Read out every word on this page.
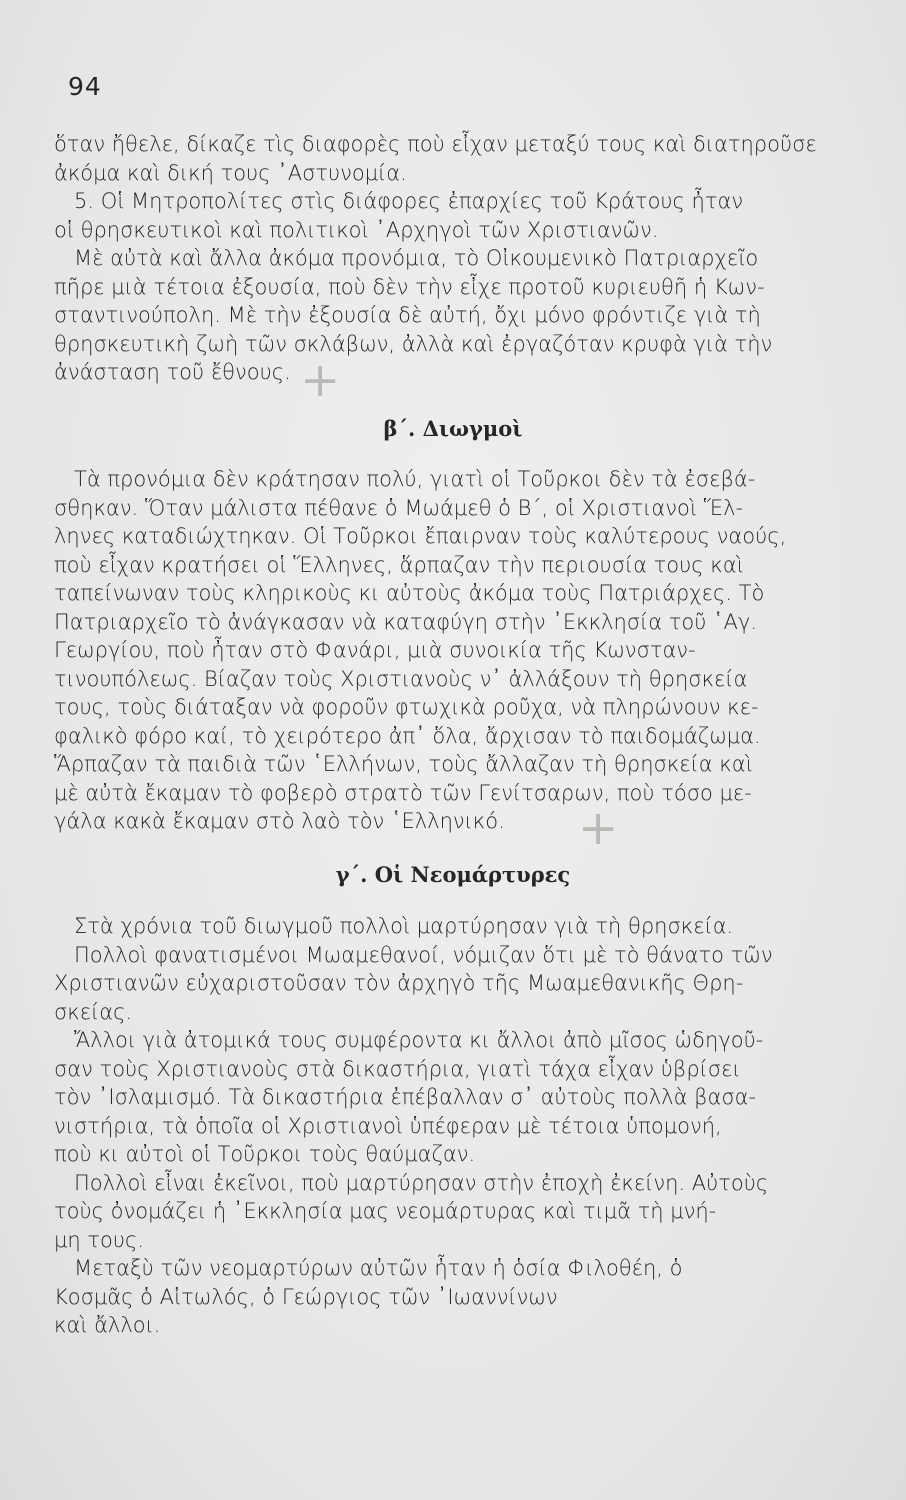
94

ὅταν ἤθελε, δίκαζε τὶς διαφορὲς ποὺ εἶχαν μεταξύ τους καὶ διατηροῦσε

ἀκόμα καὶ δική τους ᾿Αστυνομία.

5. Οἱ Μητροπολίτες στὶς διάφορες ἐπαρχίες τοῦ Κράτους ἦταν

οἱ θρησκευτικοὶ καὶ πολιτικοὶ ᾿Αρχηγοὶ τῶν Χριστιανῶν.

Μὲ αὐτὰ καὶ ἄλλα ἀκόμα προνόμια, τὸ Οἰκουμενικὸ Πατριαρχεῖο

πῆρε μιὰ τέτοια ἐξουσία, ποὺ δὲν τὴν εἶχε προτοῦ κυριευθῆ ἡ Κων-

σταντινούπολη. Μὲ τὴν ἐξουσία δὲ αὐτή, ὄχι μόνο φρόντιζε γιὰ τὴ

θρησκευτικὴ ζωὴ τῶν σκλάβων, ἀλλὰ καὶ ἐργαζόταν κρυφὰ γιὰ τὴν

ἀνάσταση τοῦ ἔθνους. +
β΄. Διωγμοὶ

Τὰ προνόμια δὲν κράτησαν πολύ, γιατὶ οἱ Τοῦρκοι δὲν τὰ ἐσεβά-

σθηκαν. Ὅταν μάλιστα πέθανε ὁ Μωάμεθ ὁ Β΄, οἱ Χριστιανοὶ Ἕλ-

ληνες καταδιώχτηκαν. Οἱ Τοῦρκοι ἔπαιρναν τοὺς καλύτερους ναούς,

ποὺ εἶχαν κρατήσει οἱ Ἕλληνες, ἅρπαζαν τὴν περιουσία τους καὶ

ταπείνωναν τοὺς κληρικοὺς κι αὐτοὺς ἀκόμα τοὺς Πατριάρχες. Τὸ

Πατριαρχεῖο τὸ ἀνάγκασαν νὰ καταφύγη στὴν ᾿Εκκλησία τοῦ ῾Αγ.

Γεωργίου, ποὺ ἦταν στὸ Φανάρι, μιὰ συνοικία τῆς Κωνσταν-

τινουπόλεως. Βίαζαν τοὺς Χριστιανοὺς ν᾿ ἀλλάξουν τὴ θρησκεία

τους, τοὺς διάταξαν νὰ φοροῦν φτωχικὰ ροῦχα, νὰ πληρώνουν κε-

φαλικὸ φόρο καί, τὸ χειρότερο ἀπ᾿ ὅλα, ἄρχισαν τὸ παιδομάζωμα.

Ἅρπαζαν τὰ παιδιὰ τῶν ῾Ελλήνων, τοὺς ἄλλαζαν τὴ θρησκεία καὶ

μὲ αὐτὰ ἔκαμαν τὸ φοβερὸ στρατὸ τῶν Γενίτσαρων, ποὺ τόσο με-

γάλα κακὰ ἔκαμαν στὸ λαὸ τὸν ῾Ελληνικό.	+
γ΄. Οἱ Νεομάρτυρες

Στὰ χρόνια τοῦ διωγμοῦ πολλοὶ μαρτύρησαν γιὰ τὴ θρησκεία.

Πολλοὶ φανατισμένοι Μωαμεθανοί, νόμιζαν ὅτι μὲ τὸ θάνατο τῶν

Χριστιανῶν εὐχαριστοῦσαν τὸν ἀρχηγὸ τῆς Μωαμεθανικῆς Θρη-

σκείας.

Ἄλλοι γιὰ ἀτομικά τους συμφέροντα κι ἄλλοι ἀπὸ μῖσος ὡδηγοῦ-

σαν τοὺς Χριστιανοὺς στὰ δικαστήρια, γιατὶ τάχα εἶχαν ὑβρίσει

τὸν ᾿Ισλαμισμό. Τὰ δικαστήρια ἐπέβαλλαν σ᾿ αὐτοὺς πολλὰ βασα-

νιστήρια, τὰ ὁποῖα οἱ Χριστιανοὶ ὑπέφεραν μὲ τέτοια ὑπομονή,

ποὺ κι αὐτοὶ οἱ Τοῦρκοι τοὺς θαύμαζαν.

Πολλοὶ εἶναι ἐκεῖνοι, ποὺ μαρτύρησαν στὴν ἐποχὴ ἐκείνη. Αὐτοὺς

τοὺς ὀνομάζει ἡ ᾿Εκκλησία μας νεομάρτυρας καὶ τιμᾶ τὴ μνή-

μη τους.

Μεταξὺ τῶν νεομαρτύρων αὐτῶν ἦταν ἡ ὁσία Φιλοθέη, ὁ

Κοσμᾶς ὁ Αἰτωλός, ὁ Γεώργιος τῶν ᾿Ιωαννίνων

καὶ ἄλλοι.
